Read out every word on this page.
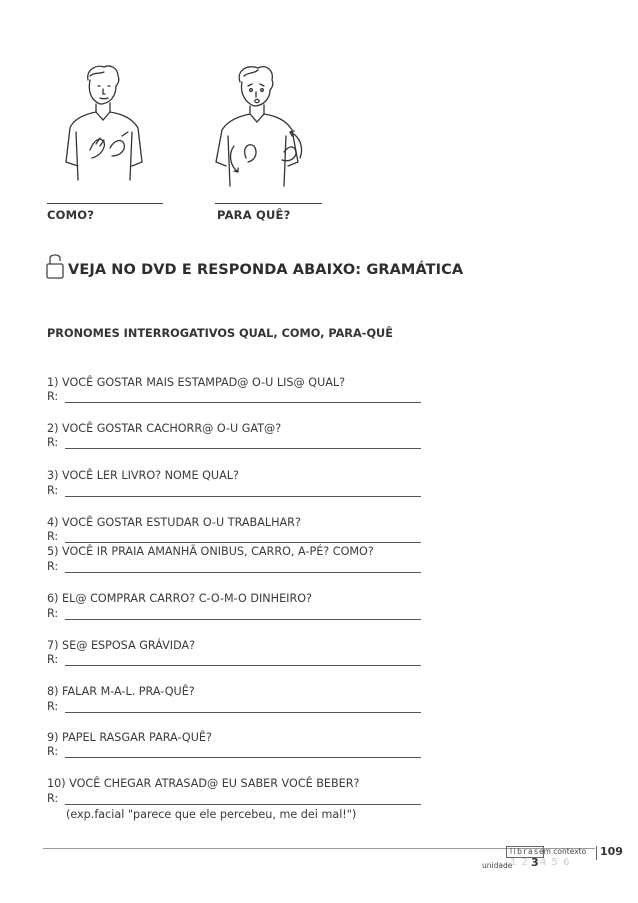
COMO?	PARA QUÊ?
VEJA NO DVD E RESPONDA ABAIXO: GRAMÁTICA
PRONOMES INTERROGATIVOS QUAL, COMO, PARA-QUÊ
1) VOCÊ GOSTAR MAIS ESTAMPAD@ O-U LIS@ QUAL?
R:
2) VOCÊ GOSTAR CACHORR@ O-U GAT@?
R:
3) VOCÊ LER LIVRO? NOME QUAL?
R:
4) VOCÊ GOSTAR ESTUDAR O-U TRABALHAR?
R:
5) VOCÊ IR PRAIA AMANHÃ ONIBUS, CARRO, A-PÉ? COMO?
R:
6) EL@ COMPRAR CARRO? C-O-M-O DINHEIRO?
R:
7) SE@ ESPOSA GRÁVIDA?
R:
8) FALAR M-A-L. PRA-QUÊ?
R:
9) PAPEL RASGAR PARA-QUÊ?
R:
10) VOCÊ CHEGAR ATRASAD@ EU SABER VOCÊ BEBER?
R:
(exp.facial "parece que ele percebeu, me dei mal!")
libras em contexto
unidade
1 2 3 4 5 6
109
